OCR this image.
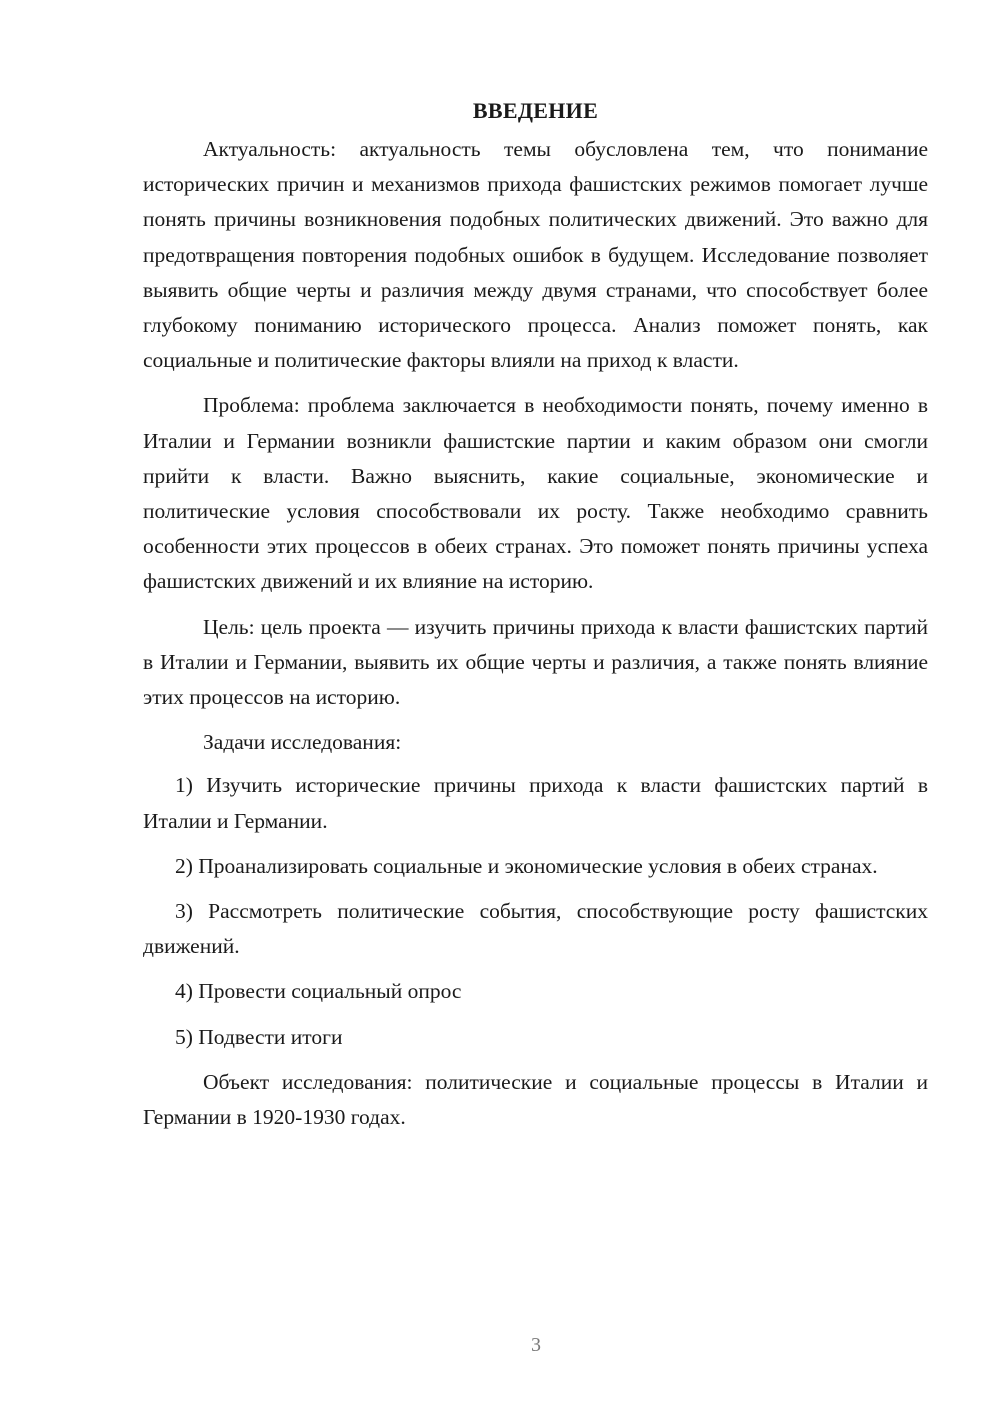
ВВЕДЕНИЕ

Актуальность: актуальность темы обусловлена тем, что понимание исторических причин и механизмов прихода фашистских режимов помогает лучше понять причины возникновения подобных политических движений. Это важно для предотвращения повторения подобных ошибок в будущем. Исследование позволяет выявить общие черты и различия между двумя странами, что способствует более глубокому пониманию исторического процесса. Анализ поможет понять, как социальные и политические факторы влияли на приход к власти.

Проблема: проблема заключается в необходимости понять, почему именно в Италии и Германии возникли фашистские партии и каким образом они смогли прийти к власти. Важно выяснить, какие социальные, экономические и политические условия способствовали их росту. Также необходимо сравнить особенности этих процессов в обеих странах. Это поможет понять причины успеха фашистских движений и их влияние на историю.

Цель: цель проекта — изучить причины прихода к власти фашистских партий в Италии и Германии, выявить их общие черты и различия, а также понять влияние этих процессов на историю.

Задачи исследования:

1) Изучить исторические причины прихода к власти фашистских партий в Италии и Германии.

2) Проанализировать социальные и экономические условия в обеих странах.

3) Рассмотреть политические события, способствующие росту фашистских движений.

4) Провести социальный опрос

5) Подвести итоги

Объект исследования: политические и социальные процессы в Италии и Германии в 1920-1930 годах.

3
